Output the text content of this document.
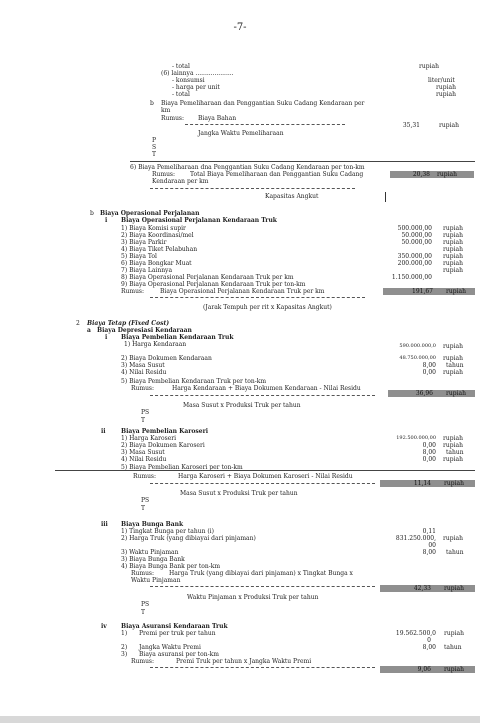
-7-
- total	rupiah
(6) lainnya ....................
- konsumsi	liter/unit
- harga per unit	rupiah
- total	rupiah
b Biaya Pemeliharaan dan Penggantian Suku Cadang Kendaraan per
km
Rumus: Biaya Bahan
Jangka Waktu Pemeliharaan
35,31	rupiah
P
S
T
6) Biaya Pemeliharaan dna Penggantian Suku Cadang Kendaraan per ton-km
Rumus: Total Biaya Pemeliharaan dan Penggantian Suku Cadang
Kendaraan per km
20,38 rupiah
Kapasitas Angkut
b Biaya Operasional Perjalanan
i Biaya Operasional Perjalanan Kendaraan Truk
1) Biaya Komisi supir	500.000,00 rupiah
2) Biaya Koordinasi/mel	50.000,00 rupiah
3) Biaya Parkir	50.000,00 rupiah
4) Biaya Tiket Pelabuhan	rupiah
5) Biaya Tol	350.000,00 rupiah
6) Biaya Bongkar Muat	200.000,00 rupiah
7) Biaya Lainnya	rupiah
8) Biaya Operasional Perjalanan Kendaraan Truk per km	1.150.000,00
9) Biaya Operasional Perjalanan Kendaraan Truk per ton-km
Rumus:	Biaya Operasional Perjalanan Kendaraan Truk per km	191,67 rupiah
(Jarak Tempuh per rit x Kapasitas Angkut)
2 Biaya Tetap (Fixed Cost)
a Biaya Depresiasi Kendaraan
i Biaya Pembelian Kendaraan Truk
1) Harga Kendaraan	590.000.000,0 rupiah
2) Biaya Dokumen Kendaraan	48.750.000,00 rupiah
3) Masa Susut	8,00 tahun
4) Nilai Residu	0,00 rupiah
5) Biaya Pembelian Kendaraan Truk per ton-km
Rumus:	Harga Kendaraan + Biaya Dokumen Kendaraan - Nilai Residu
36,96 rupiah
Masa Susut x Produksi Truk per tahun
PS
T
ii	Biaya Pembelian Karoseri
1) Harga Karoseri	192.500.000,00 rupiah
2) Biaya Dokumen Karoseri	0,00 rupiah
3) Masa Susut	8,00 tahun
4) Nilai Residu	0,00 rupiah
5) Biaya Pembelian Karoseri per ton-km
Rumus:	Harga Karoseri + Biaya Dokumen Karoseri - Nilai Residu
11,14 rupiah
Masa Susut x Produksi Truk per tahun
PS
T
iii Biaya Bunga Bank
1) Tingkat Bunga per tahun (i)	0,11
2) Harga Truk (yang dibiayai dari pinjaman)	831.250.000, rupiah
00
3) Waktu Pinjaman	8,00 tahun
3) Biaya Bunga Bank
4) Biaya Bunga Bank per ton-km
Rumus: Harga Truk (yang dibiayai dari pinjaman) x Tingkat Bunga x
Waktu Pinjaman
42,33 rupiah
Waktu Pinjaman x Produksi Truk per tahun
PS
T
iv Biaya Asuransi Kendaraan Truk
1) Premi per truk per tahun	19.562.500,0 rupiah
0
2) Jangka Waktu Premi	8,00 tahun
3) Biaya asuransi per ton-km
Rumus:	Premi Truk per tahun x Jangka Waktu Premi
9,06 rupiah
